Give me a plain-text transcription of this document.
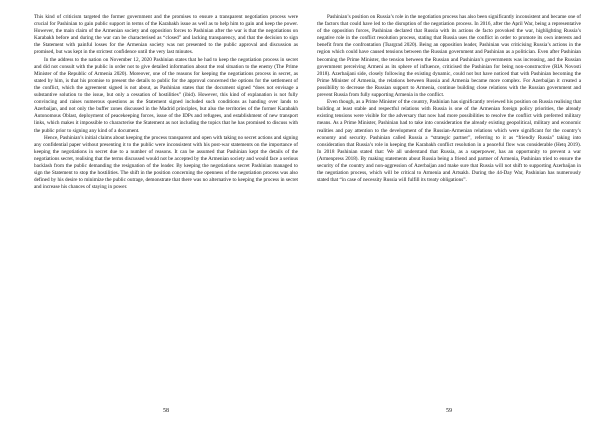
This kind of criticism targeted the former government and the promises to ensure a transparent negotiation process were crucial for Pashinian to gain public support in terms of the Karabakh issue as well as to help him to gain and keep the power. However, the main claim of the Armenian society and opposition forces to Pashinian after the war is that the negotiations on Karabakh before and during the war can be characterised as “closed” and lacking transparency, and that the decision to sign the Statement with painful losses for the Armenian society was not presented to the public approval and discussion as promised, but was kept in the strictest confidence until the very last minutes.

In the address to the nation on November 12, 2020 Pashinian states that he had to keep the negotiation process in secret and did not consult with the public in order not to give detailed information about the real situation to the enemy (The Prime Minister of the Republic of Armenia 2020). Moreover, one of the reasons for keeping the negotiations process in secret, as stated by him, is that his promise to present the details to public for the approval concerned the options for the settlement of the conflict, which the agreement signed is not about, as Pashinian states that the document signed “does not envisage a substantive solution to the issue, but only a cessation of hostilities” (ibid). However, this kind of explanation is not fully convincing and raises numerous questions as the Statement signed included such conditions as handing over lands to Azerbaijan, and not only the buffer zones discussed in the Madrid principles, but also the territories of the former Karabakh Autonomous Oblast, deployment of peacekeeping forces, issue of the IDPs and refugees, and establishment of new transport links, which makes it impossible to characterise the Statement as not including the topics that he has promised to discuss with the public prior to signing any kind of a document.

Hence, Pashinian’s initial claims about keeping the process transparent and open with taking no secret actions and signing any confidential paper without presenting it to the public were inconsistent with his post-war statements on the importance of keeping the negotiations in secret due to a number of reasons. It can be assumed that Pashinian kept the details of the negotiations secret, realising that the terms discussed would not be accepted by the Armenian society and would face a serious backlash from the public demanding the resignation of the leader. By keeping the negotiations secret Pashinian managed to sign the Statement to stop the hostilities. The shift in the position concerning the openness of the negotiation process was also defined by his desire to minimize the public outrage, demonstrate that there was no alternative to keeping the process in secret and increase his chances of staying in power.

58

Pashinian’s position on Russia’s role in the negotiation process has also been significantly inconsistent and became one of the factors that could have led to the disruption of the negotiation process. In 2016, after the April War, being a representative of the opposition forces, Pashinian declared that Russia with its actions de facto provoked the war, highlighting Russia’s negative role in the conflict resolution process, stating that Russia uses the conflict in order to promote its own interests and benefit from the confrontation (Tsargrad 2020). Being an opposition leader, Pashinian was criticising Russia’s actions in the region which could have caused tensions between the Russian government and Pashinian as a politician. Even after Pashinian becoming the Prime Minister, the tension between the Russian and Pashinian’s governments was increasing, and the Russian government perceiving Armeni as its sphere of influence, criticised the Pashinian for being non-constructive (RIA Novosti 2018). Azerbaijani side, closely following the existing dynamic, could not but have noticed that with Pashinian becoming the Prime Minister of Armenia, the relations between Russia and Armenia became more complex. For Azerbaijan it created a possibility to decrease the Russian support to Armenia, continue building close relations with the Russian government and prevent Russia from fully supporting Armenia in the conflict.

Even though, as a Prime Minister of the country, Pashinian has significantly reviewed his position on Russia realising that building at least stable and respectful relations with Russia is one of the Armenian foreign policy priorities, the already existing tensions were visible for the adversary that now had more possibilities to resolve the conflict with preferred military means. As a Prime Minister, Pashinian had to take into consideration the already existing geopolitical, military and economic realities and pay attention to the development of the Russian-Armenian relations which were significant for the country’s economy and security. Pashinian called Russia a “strategic partner”, referring to it as “friendly Russia” taking into consideration that Russia’s role in keeping the Karabakh conflict resolution in a peaceful flow was considerable (Hetq 2019). In 2018 Pashinian stated that: We all understand that Russia, as a superpower, has an opportunity to prevent a war (Armenpress 2018). By making statements about Russia being a friend and partner of Armenia, Pashinian tried to ensure the security of the country and non-aggression of Azerbaijan and make sure that Russia will not shift to supporting Azerbaijan in the negotiation process, which will be critical to Armenia and Artsakh. During the 44-Day War, Pashinian has numerously stated that “in case of necessity Russia will fulfill its treaty obligations”.

59
